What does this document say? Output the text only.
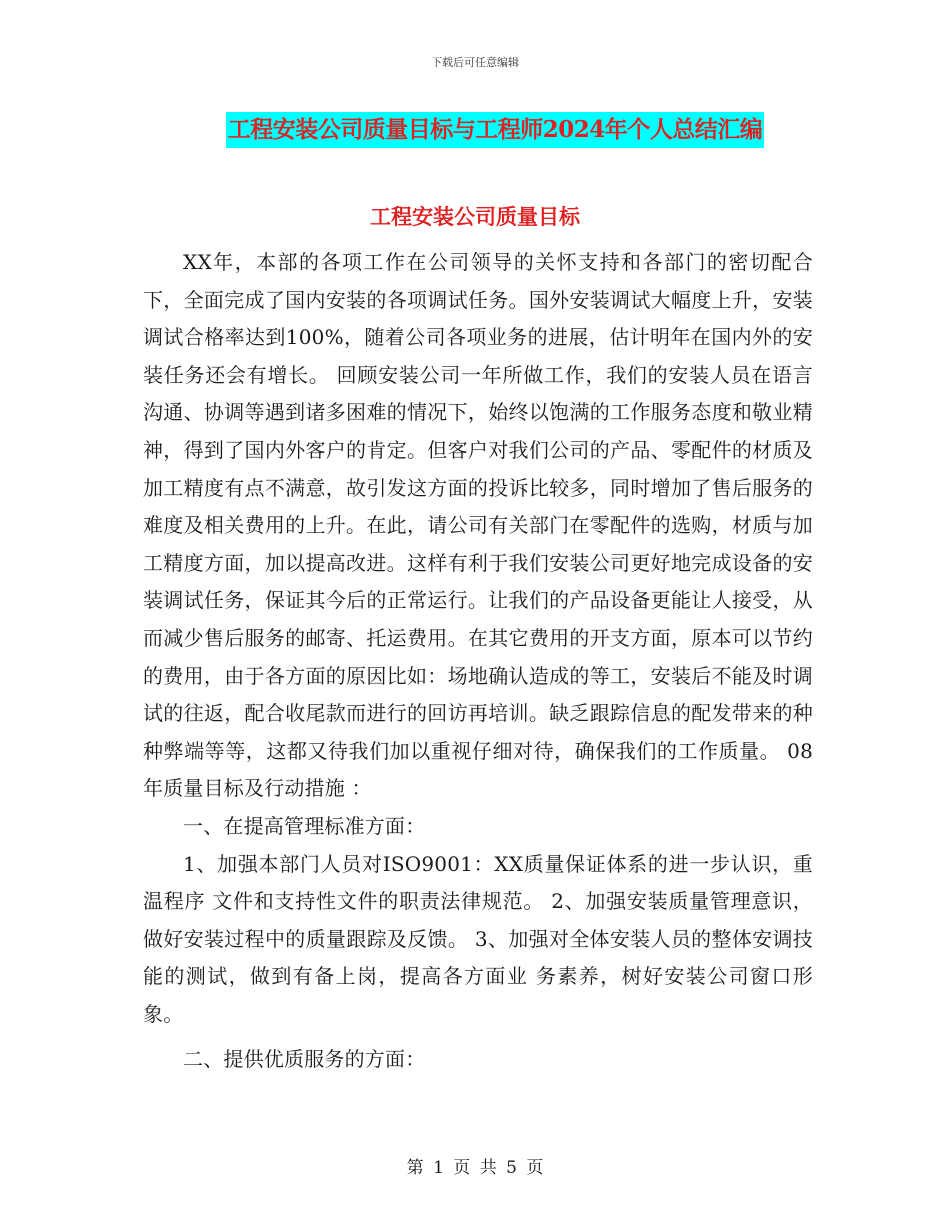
下载后可任意编辑
工程安装公司质量目标与工程师2024年个人总结汇编
工程安装公司质量目标

XX年，本部的各项工作在公司领导的关怀支持和各部门的密切配合下，全面完成了国内安装的各项调试任务。国外安装调试大幅度上升，安装调试合格率达到100%，随着公司各项业务的进展，估计明年在国内外的安装任务还会有增长。 回顾安装公司一年所做工作，我们的安装人员在语言沟通、协调等遇到诸多困难的情况下，始终以饱满的工作服务态度和敬业精神，得到了国内外客户的肯定。但客户对我们公司的产品、零配件的材质及加工精度有点不满意，故引发这方面的投诉比较多，同时增加了售后服务的难度及相关费用的上升。在此，请公司有关部门在零配件的选购，材质与加工精度方面，加以提高改进。这样有利于我们安装公司更好地完成设备的安装调试任务，保证其今后的正常运行。让我们的产品设备更能让人接受，从而减少售后服务的邮寄、托运费用。在其它费用的开支方面，原本可以节约的费用，由于各方面的原因比如：场地确认造成的等工，安装后不能及时调试的往返，配合收尾款而进行的回访再培训。缺乏跟踪信息的配发带来的种种弊端等等，这都又待我们加以重视仔细对待，确保我们的工作质量。 08年质量目标及行动措施 ：

一、在提高管理标准方面：

1、加强本部门人员对ISO9001：XX质量保证体系的进一步认识，重温程序 文件和支持性文件的职责法律规范。 2、加强安装质量管理意识，做好安装过程中的质量跟踪及反馈。 3、加强对全体安装人员的整体安调技能的测试，做到有备上岗，提高各方面业 务素养，树好安装公司窗口形象。

二、提供优质服务的方面：

第 1 页 共 5 页
